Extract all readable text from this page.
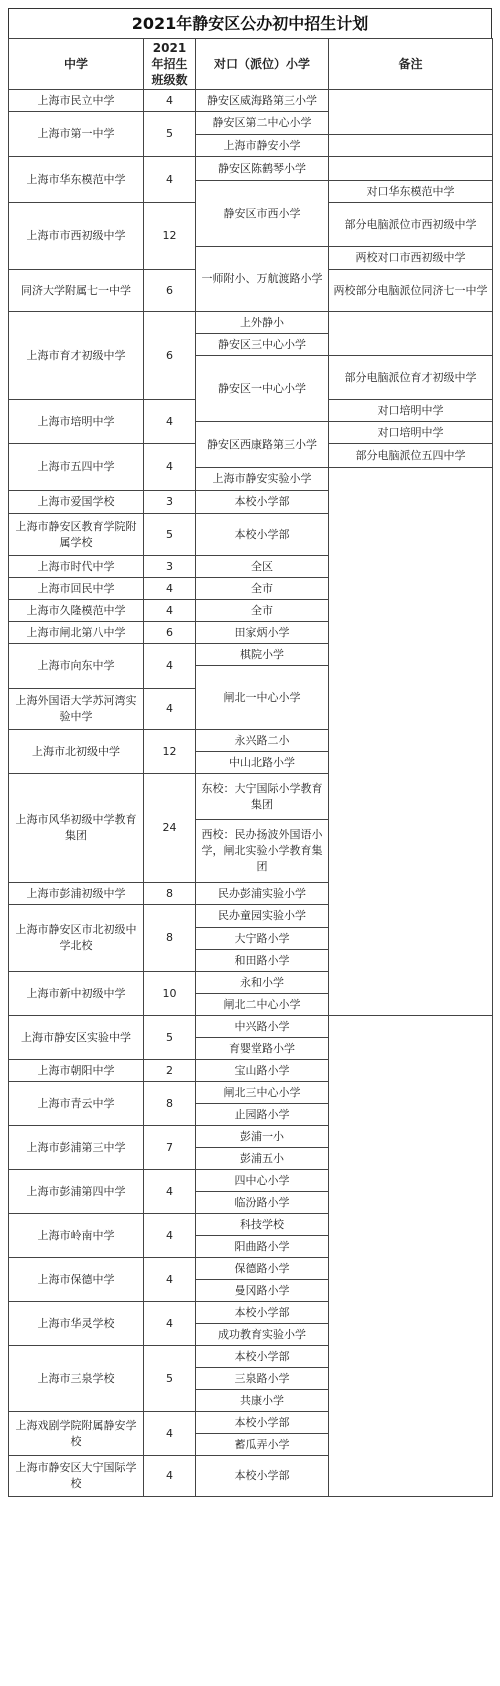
2021年静安区公办初中招生计划
中学	2021年招生班级数	对口（派位）小学	备注
上海市民立中学	4	静安区威海路第三小学	
上海市第一中学	5	静安区第二中心小学	
		上海市静安小学	
上海市华东模范中学	4	静安区陈鹤琴小学	
		静安区市西小学	对口华东模范中学
上海市市西初级中学	12		部分电脑派位市西初级中学

		一师附小、万航渡路小学	两校对口市西初级中学
同济大学附属七一中学	6		两校部分电脑派位同济七一中学
上海市育才初级中学	6	上外静小	
		静安区三中心小学	
		静安区一中心小学	部分电脑派位育才初级中学

上海市培明中学	4		对口培明中学
		静安区西康路第三小学	对口培明中学
上海市五四中学	4		部分电脑派位五四中学
		上海市静安实验小学	
上海市爱国学校	3	本校小学部	
上海市静安区教育学院附属学校	5	本校小学部	
上海市时代中学	3	全区	
上海市回民中学	4	全市	
上海市久隆模范中学	4	全市	
上海市闸北第八中学	6	田家炳小学	
上海市向东中学	4	棋院小学	
		闸北一中心小学	
上海外国语大学苏河湾实验中学	4		
上海市北初级中学	12	永兴路二小	
		中山北路小学	
上海市风华初级中学教育集团	24	东校：大宁国际小学教育集团	
		西校：民办扬波外国语小学，闸北实验小学教育集团	
上海市彭浦初级中学	8	民办彭浦实验小学	
上海市静安区市北初级中学北校	8	民办童园实验小学	
		大宁路小学	
		和田路小学	
上海市新中初级中学	10	永和小学	
		闸北二中心小学	
上海市静安区实验中学	5	中兴路小学	
		育婴堂路小学	
上海市朝阳中学	2	宝山路小学	
上海市青云中学	8	闸北三中心小学	
		止园路小学	
上海市彭浦第三中学	7	彭浦一小	
		彭浦五小	
上海市彭浦第四中学	4	四中心小学	
		临汾路小学	
上海市岭南中学	4	科技学校	
		阳曲路小学	
上海市保德中学	4	保德路小学	
		曼冈路小学	
上海市华灵学校	4	本校小学部	
		成功教育实验小学	
上海市三泉学校	5	本校小学部	
		三泉路小学	
		共康小学	
上海戏剧学院附属静安学校	4	本校小学部	
		蓄瓜弄小学	
上海市静安区大宁国际学校	4	本校小学部	
